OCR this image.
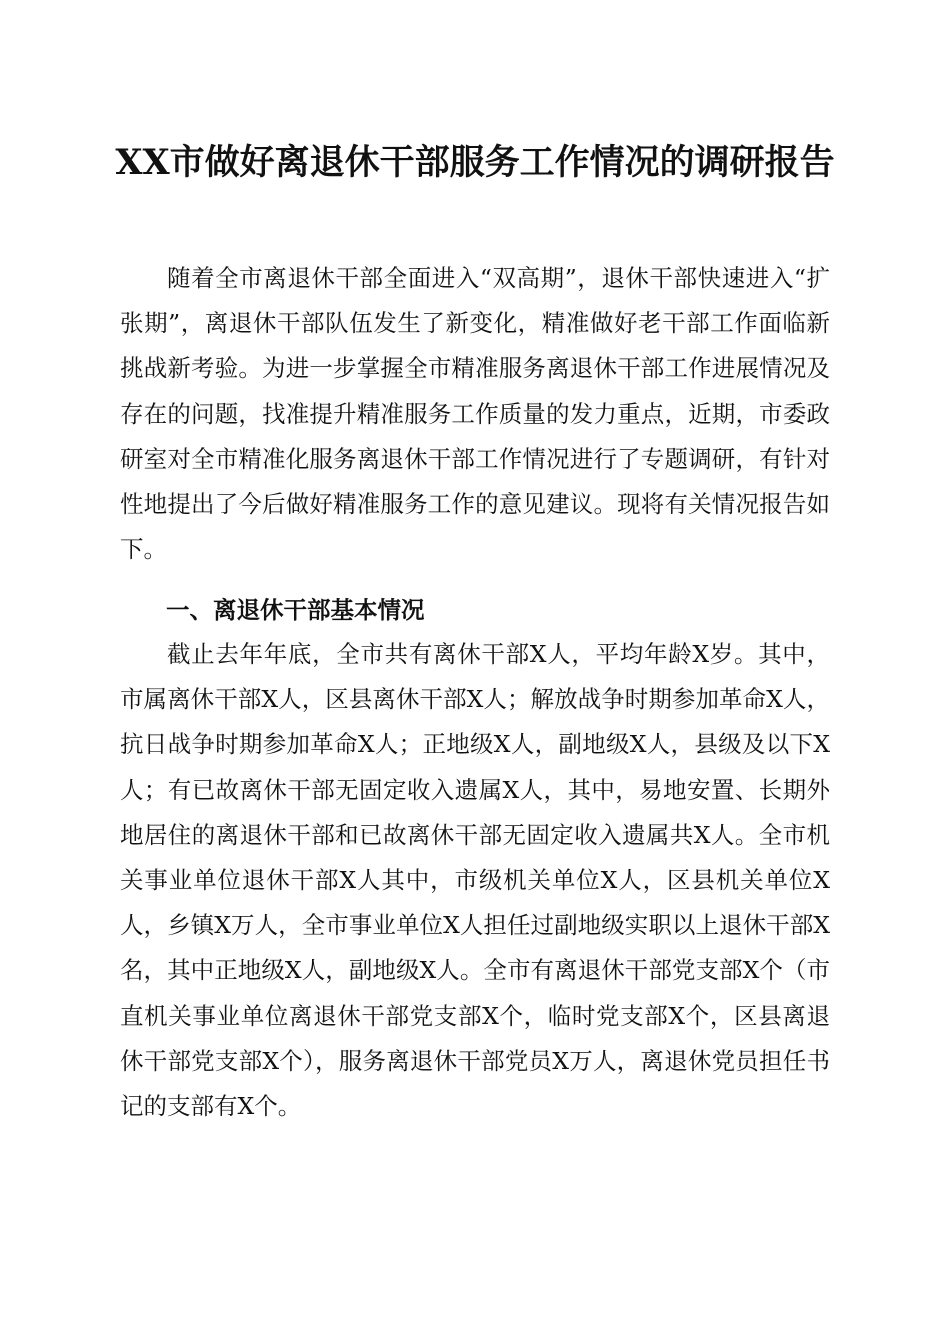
XX市做好离退休干部服务工作情况的调研报告

随着全市离退休干部全面进入“双高期”，退休干部快速进入“扩张期”，离退休干部队伍发生了新变化，精准做好老干部工作面临新挑战新考验。为进一步掌握全市精准服务离退休干部工作进展情况及存在的问题，找准提升精准服务工作质量的发力重点，近期，市委政研室对全市精准化服务离退休干部工作情况进行了专题调研，有针对性地提出了今后做好精准服务工作的意见建议。现将有关情况报告如下。

一、离退休干部基本情况

截止去年年底，全市共有离休干部X人，平均年龄X岁。其中，市属离休干部X人，区县离休干部X人；解放战争时期参加革命X人，抗日战争时期参加革命X人；正地级X人，副地级X人，县级及以下X人；有已故离休干部无固定收入遗属X人，其中，易地安置、长期外地居住的离退休干部和已故离休干部无固定收入遗属共X人。全市机关事业单位退休干部X人其中，市级机关单位X人，区县机关单位X人，乡镇X万人，全市事业单位X人担任过副地级实职以上退休干部X名，其中正地级X人，副地级X人。全市有离退休干部党支部X个（市直机关事业单位离退休干部党支部X个，临时党支部X个，区县离退休干部党支部X个），服务离退休干部党员X万人，离退休党员担任书记的支部有X个。
